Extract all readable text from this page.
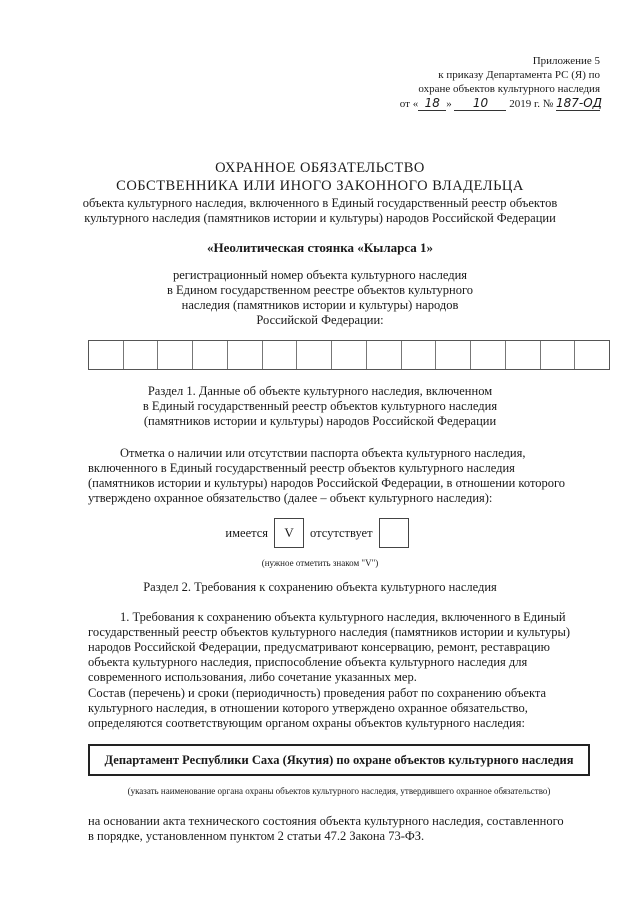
Приложение 5
к приказу Департамента РС (Я) по
охране объектов культурного наследия
от « 18 » 10 2019 г. № 187-ОД
ОХРАННОЕ ОБЯЗАТЕЛЬСТВО
СОБСТВЕННИКА ИЛИ ИНОГО ЗАКОННОГО ВЛАДЕЛЬЦА
объекта культурного наследия, включенного в Единый государственный реестр объектов
культурного наследия (памятников истории и культуры) народов Российской Федерации
«Неолитическая стоянка «Кыларса 1»
регистрационный номер объекта культурного наследия
в Едином государственном реестре объектов культурного
наследия (памятников истории и культуры) народов
Российской Федерации:
Раздел 1. Данные об объекте культурного наследия, включенном
в Единый государственный реестр объектов культурного наследия
(памятников истории и культуры) народов Российской Федерации
Отметка о наличии или отсутствии паспорта объекта культурного наследия,
включенного в Единый государственный реестр объектов культурного наследия
(памятников истории и культуры) народов Российской Федерации, в отношении которого
утверждено охранное обязательство (далее – объект культурного наследия):
имеется	V	отсутствует
(нужное отметить знаком "V")
Раздел 2. Требования к сохранению объекта культурного наследия
1. Требования к сохранению объекта культурного наследия, включенного в Единый
государственный реестр объектов культурного наследия (памятников истории и культуры)
народов Российской Федерации, предусматривают консервацию, ремонт, реставрацию
объекта культурного наследия, приспособление объекта культурного наследия для
современного использования, либо сочетание указанных мер.
Состав (перечень) и сроки (периодичность) проведения работ по сохранению объекта
культурного наследия, в отношении которого утверждено охранное обязательство,
определяются соответствующим органом охраны объектов культурного наследия:
Департамент Республики Саха (Якутия) по охране объектов культурного наследия
(указать наименование органа охраны объектов культурного наследия, утвердившего охранное обязательство)
на основании акта технического состояния объекта культурного наследия, составленного
в порядке, установленном пунктом 2 статьи 47.2 Закона 73-ФЗ.
